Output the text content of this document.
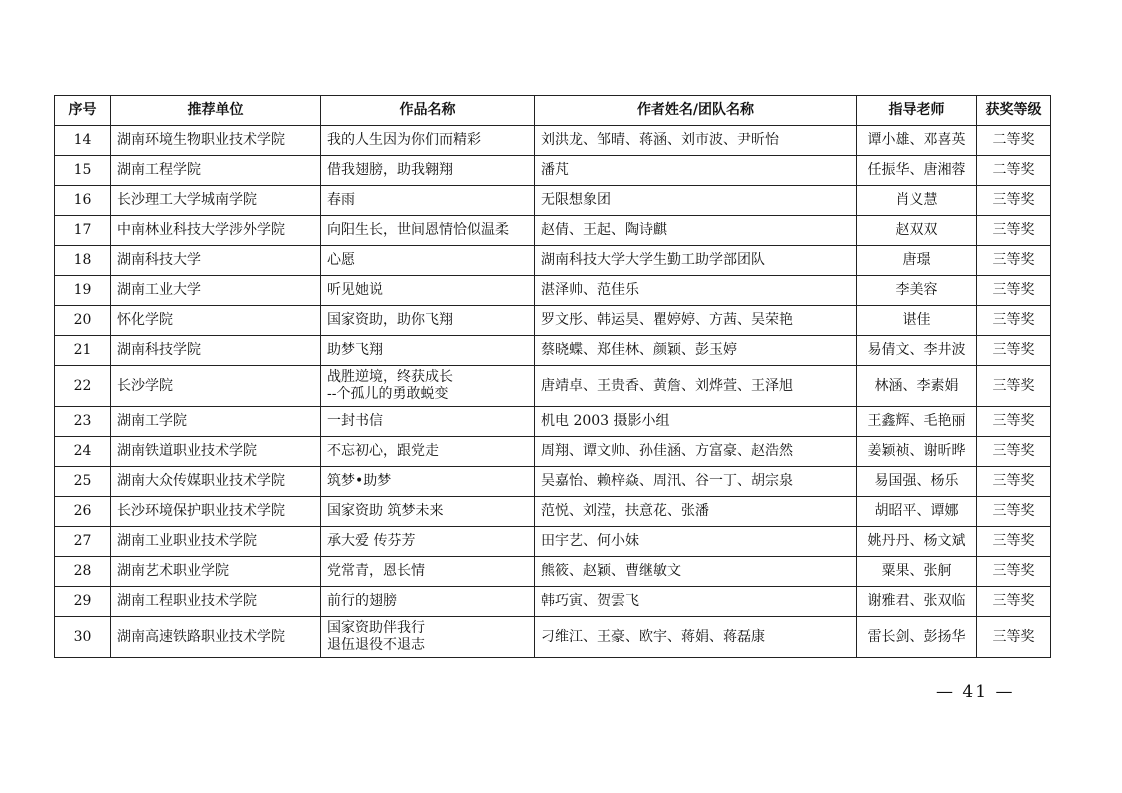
序号	推荐单位	作品名称	作者姓名/团队名称	指导老师	获奖等级
14	湖南环境生物职业技术学院	我的人生因为你们而精彩	刘洪龙、邹晴、蒋涵、刘市波、尹昕怡	谭小雄、邓喜英	二等奖
15	湖南工程学院	借我翅膀，助我翱翔	潘芃	任振华、唐湘蓉	二等奖
16	长沙理工大学城南学院	春雨	无限想象团	肖义慧	三等奖
17	中南林业科技大学涉外学院	向阳生长，世间恩情恰似温柔	赵倩、王起、陶诗麒	赵双双	三等奖
18	湖南科技大学	心愿	湖南科技大学大学生勤工助学部团队	唐璟	三等奖
19	湖南工业大学	听见她说	湛泽帅、范佳乐	李美容	三等奖
20	怀化学院	国家资助，助你飞翔	罗文彤、韩运昊、瞿婷婷、方茜、吴荣艳	谌佳	三等奖
21	湖南科技学院	助梦飞翔	蔡晓蝶、郑佳林、颜颖、彭玉婷	易倩文、李井波	三等奖
22	长沙学院	战胜逆境，终获成长
--个孤儿的勇敢蜕变	唐靖卓、王贵香、黄詹、刘烨萱、王泽旭	林涵、李素娟	三等奖
23	湖南工学院	一封书信	机电 2003 摄影小组	王鑫辉、毛艳丽	三等奖
24	湖南铁道职业技术学院	不忘初心，跟党走	周翔、谭文帅、孙佳涵、方富豪、赵浩然	姜颖祯、谢昕晔	三等奖
25	湖南大众传媒职业技术学院	筑梦•助梦	吴嘉怡、赖梓焱、周汛、谷一丁、胡宗泉	易国强、杨乐	三等奖
26	长沙环境保护职业技术学院	国家资助 筑梦未来	范悦、刘滢，扶意花、张潘	胡昭平、谭娜	三等奖
27	湖南工业职业技术学院	承大爱 传芬芳	田宇艺、何小妹	姚丹丹、杨文斌	三等奖
28	湖南艺术职业学院	党常青，恩长情	熊筱、赵颖、曹继敏文	粟果、张舸	三等奖
29	湖南工程职业技术学院	前行的翅膀	韩巧寅、贺雲飞	谢雅君、张双临	三等奖
30	湖南高速铁路职业技术学院	国家资助伴我行
退伍退役不退志	刁维江、王豪、欧宇、蒋娟、蒋磊康	雷长剑、彭扬华	三等奖
— 41 —
